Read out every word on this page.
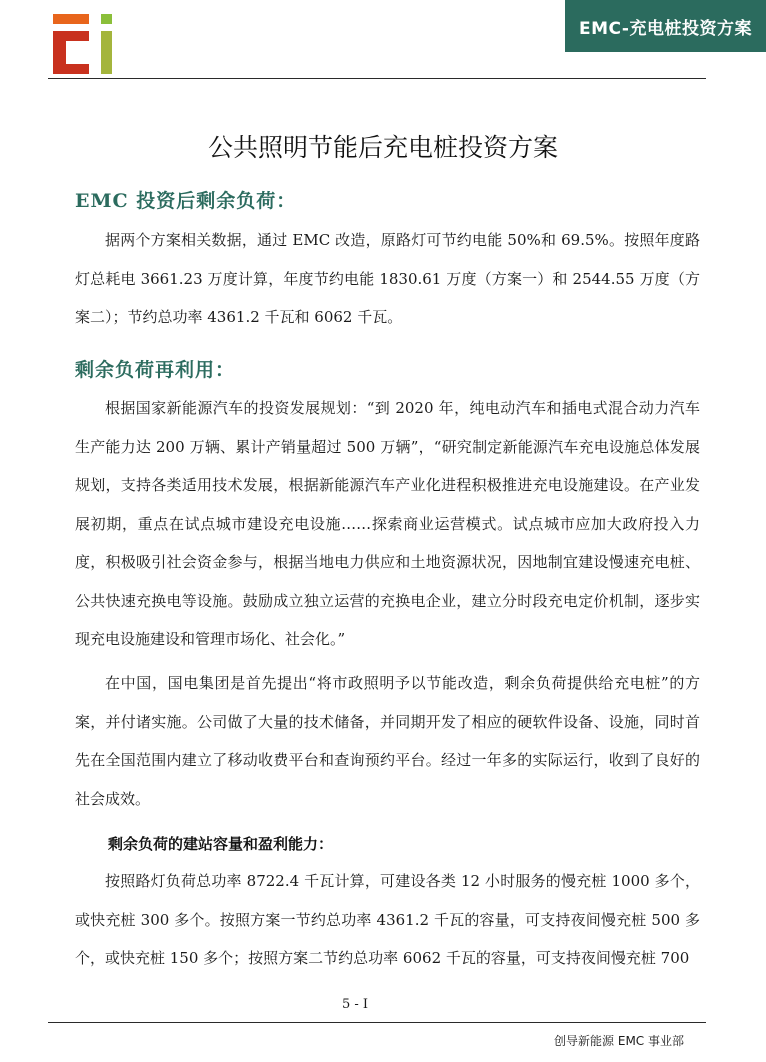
EMC-充电桩投资方案
公共照明节能后充电桩投资方案
EMC 投资后剩余负荷：

据两个方案相关数据，通过 EMC 改造，原路灯可节约电能 50%和 69.5%。按照年度路灯总耗电 3661.23 万度计算，年度节约电能 1830.61 万度（方案一）和 2544.55 万度（方案二）；节约总功率 4361.2 千瓦和 6062 千瓦。

剩余负荷再利用：

根据国家新能源汽车的投资发展规划：“到 2020 年，纯电动汽车和插电式混合动力汽车生产能力达 200 万辆、累计产销量超过 500 万辆”，“研究制定新能源汽车充电设施总体发展规划，支持各类适用技术发展，根据新能源汽车产业化进程积极推进充电设施建设。在产业发展初期，重点在试点城市建设充电设施……探索商业运营模式。试点城市应加大政府投入力度，积极吸引社会资金参与，根据当地电力供应和土地资源状况，因地制宜建设慢速充电桩、公共快速充换电等设施。鼓励成立独立运营的充换电企业，建立分时段充电定价机制，逐步实现充电设施建设和管理市场化、社会化。”

在中国，国电集团是首先提出“将市政照明予以节能改造，剩余负荷提供给充电桩”的方案，并付诸实施。公司做了大量的技术储备，并同期开发了相应的硬软件设备、设施，同时首先在全国范围内建立了移动收费平台和查询预约平台。经过一年多的实际运行，收到了良好的社会成效。

剩余负荷的建站容量和盈利能力：

按照路灯负荷总功率 8722.4 千瓦计算，可建设各类 12 小时服务的慢充桩 1000 多个，或快充桩 300 多个。按照方案一节约总功率 4361.2 千瓦的容量，可支持夜间慢充桩 500 多个，或快充桩 150 多个；按照方案二节约总功率 6062 千瓦的容量，可支持夜间慢充桩 700

5 - I
创导新能源 EMC 事业部
